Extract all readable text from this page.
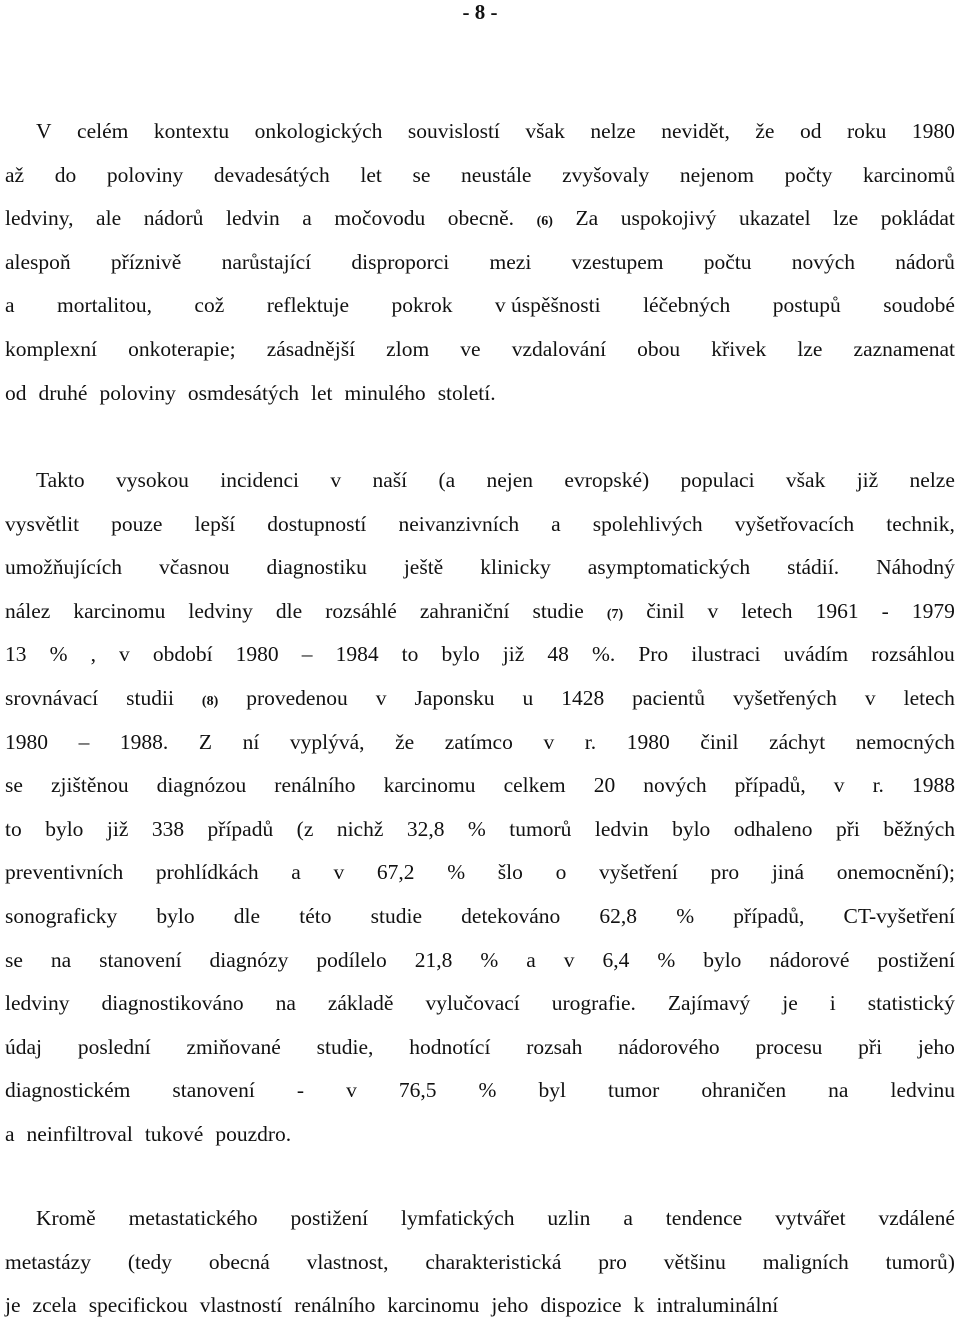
- 8 -
V celém kontextu onkologických souvislostí však nelze nevidět, že od roku 1980
až do poloviny devadesátých let se neustále zvyšovaly nejenom počty karcinomů
ledviny, ale nádorů ledvin a močovodu obecně. (6) Za uspokojivý ukazatel lze pokládat
alespoň příznivě narůstající disproporci mezi vzestupem počtu nových nádorů
a mortalitou, což reflektuje pokrok v úspěšnosti léčebných postupů soudobé
komplexní onkoterapie; zásadnější zlom ve vzdalování obou křivek lze zaznamenat
od druhé poloviny osmdesátých let minulého století.
Takto vysokou incidenci v naší (a nejen evropské) populaci však již nelze
vysvětlit pouze lepší dostupností neivanzivních a spolehlivých vyšetřovacích technik,
umožňujících včasnou diagnostiku ještě klinicky asymptomatických stádií. Náhodný
nález karcinomu ledviny dle rozsáhlé zahraniční studie (7) činil v letech 1961 - 1979
13 % , v období 1980 – 1984 to bylo již 48 %. Pro ilustraci uvádím rozsáhlou
srovnávací studii (8) provedenou v Japonsku u 1428 pacientů vyšetřených v letech
1980 – 1988. Z ní vyplývá, že zatímco v r. 1980 činil záchyt nemocných
se zjištěnou diagnózou renálního karcinomu celkem 20 nových případů, v r. 1988
to bylo již 338 případů (z nichž 32,8 % tumorů ledvin bylo odhaleno při běžných
preventivních prohlídkách a v 67,2 % šlo o vyšetření pro jiná onemocnění);
sonograficky bylo dle této studie detekováno 62,8 % případů, CT-vyšetření
se na stanovení diagnózy podílelo 21,8 % a v 6,4 % bylo nádorové postižení
ledviny diagnostikováno na základě vylučovací urografie. Zajímavý je i statistický
údaj poslední zmiňované studie, hodnotící rozsah nádorového procesu při jeho
diagnostickém stanovení - v 76,5 % byl tumor ohraničen na ledvinu
a neinfiltroval tukové pouzdro.
Kromě metastatického postižení lymfatických uzlin a tendence vytvářet vzdálené
metastázy (tedy obecná vlastnost, charakteristická pro většinu maligních tumorů)
je zcela specifickou vlastností renálního karcinomu jeho dispozice k intraluminální
